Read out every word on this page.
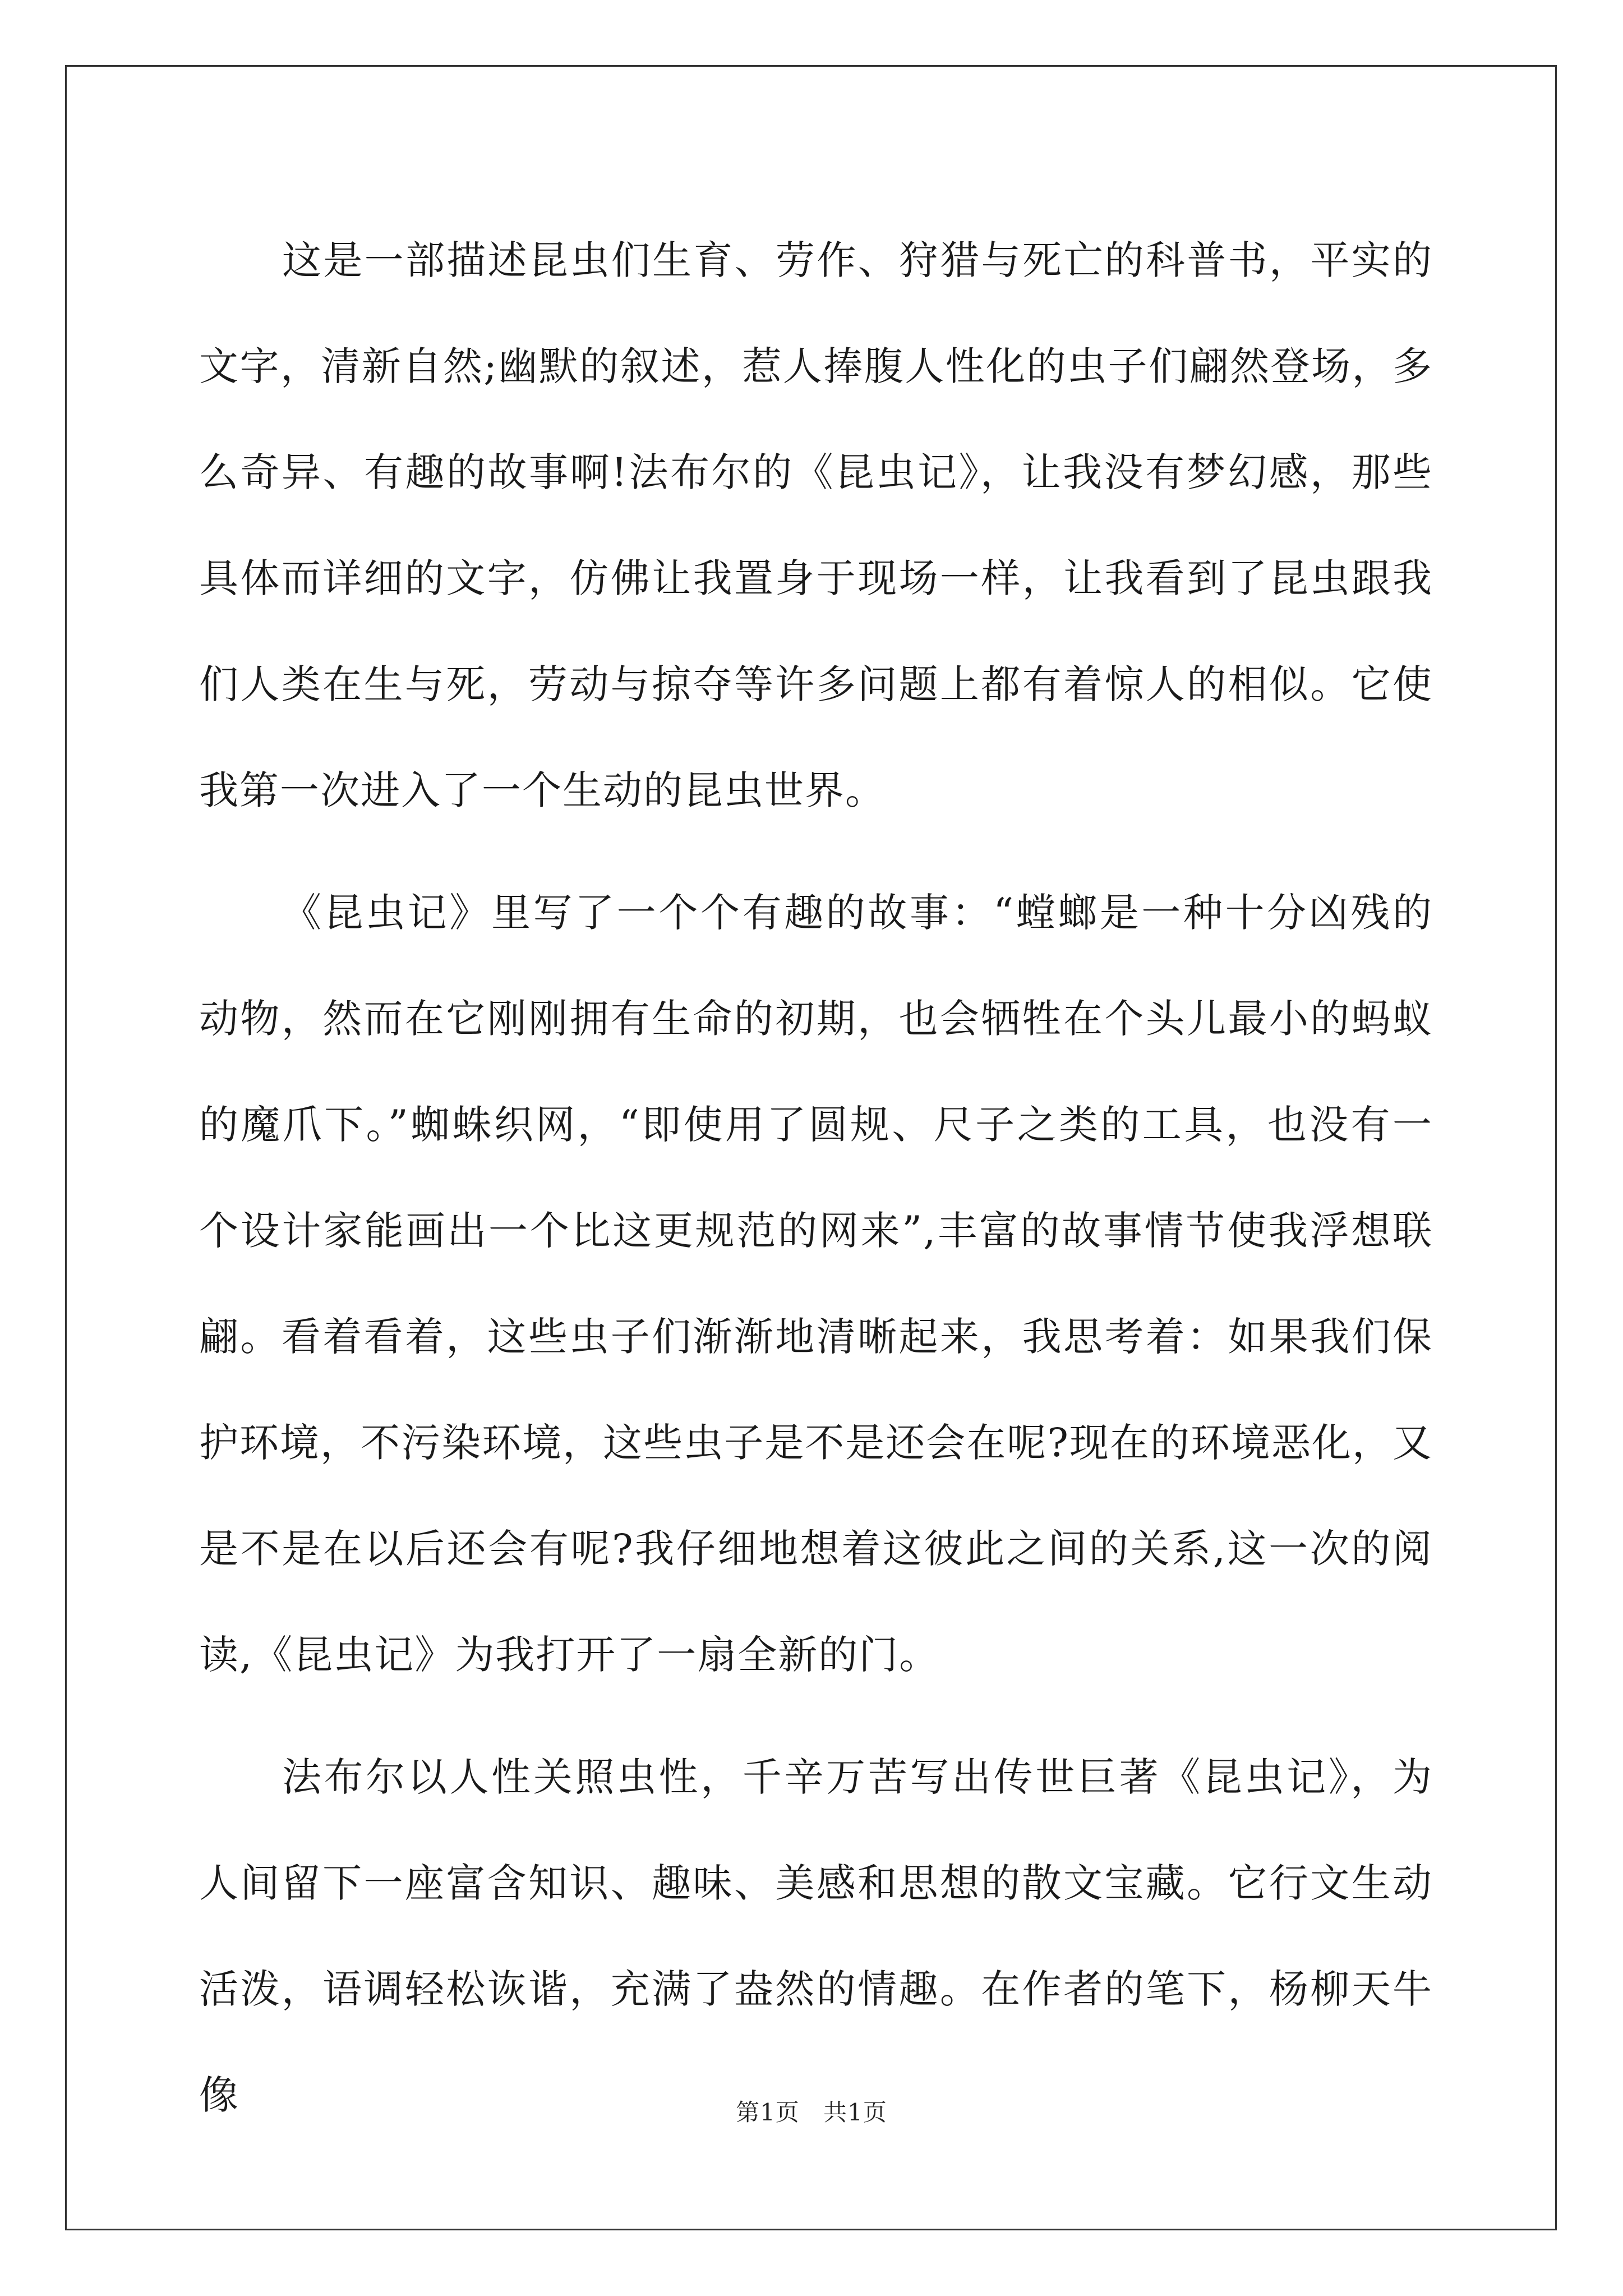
这是一部描述昆虫们生育、劳作、狩猎与死亡的科普书，平实的文字，清新自然;幽默的叙述，惹人捧腹人性化的虫子们翩然登场，多么奇异、有趣的故事啊!法布尔的《昆虫记》，让我没有梦幻感，那些具体而详细的文字，仿佛让我置身于现场一样，让我看到了昆虫跟我们人类在生与死，劳动与掠夺等许多问题上都有着惊人的相似。它使我第一次进入了一个生动的昆虫世界。

《昆虫记》里写了一个个有趣的故事：“螳螂是一种十分凶残的动物，然而在它刚刚拥有生命的初期，也会牺牲在个头儿最小的蚂蚁的魔爪下。”蜘蛛织网，“即使用了圆规、尺子之类的工具，也没有一个设计家能画出一个比这更规范的网来”,丰富的故事情节使我浮想联翩。看着看着，这些虫子们渐渐地清晰起来，我思考着：如果我们保护环境，不污染环境，这些虫子是不是还会在呢?现在的环境恶化，又是不是在以后还会有呢?我仔细地想着这彼此之间的关系,这一次的阅读,《昆虫记》为我打开了一扇全新的门。

法布尔以人性关照虫性，千辛万苦写出传世巨著《昆虫记》，为人间留下一座富含知识、趣味、美感和思想的散文宝藏。它行文生动活泼，语调轻松诙谐，充满了盎然的情趣。在作者的笔下，杨柳天牛像	第1页 共1页
